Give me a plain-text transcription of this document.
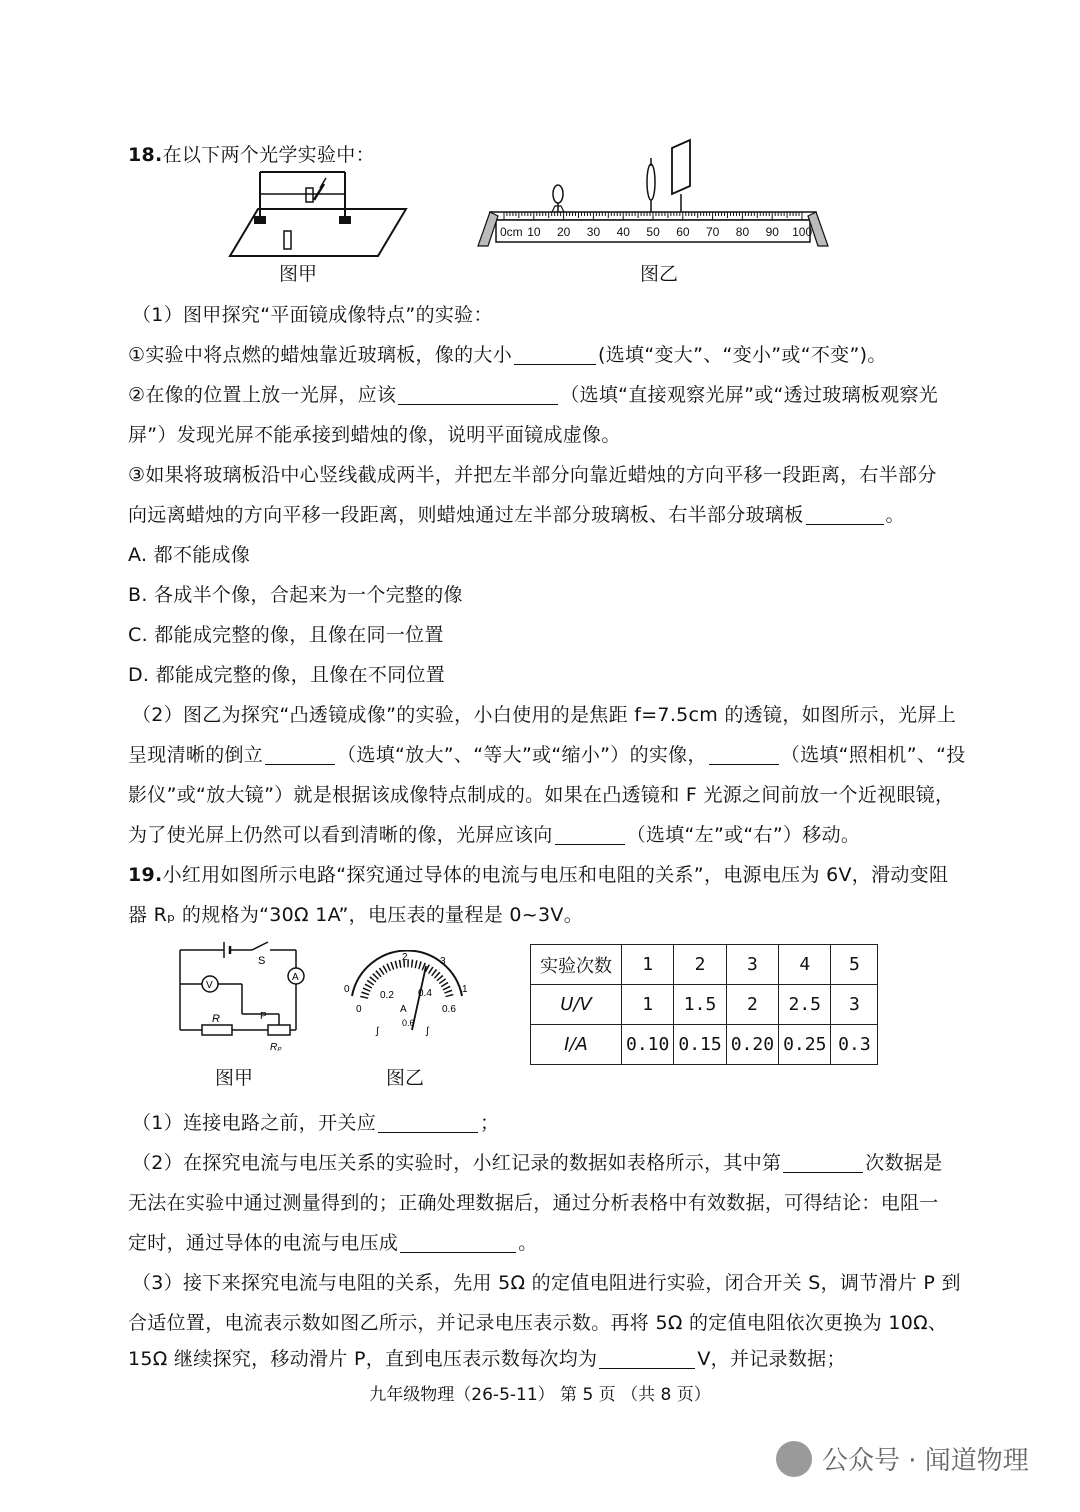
18.在以下两个光学实验中：
图甲
0cm 10 20 30 40 50 60 70 80 90 100
图乙
（1）图甲探究“平面镜成像特点”的实验：
①实验中将点燃的蜡烛靠近玻璃板，像的大小	(选填“变大”、“变小”或“不变”)。
②在像的位置上放一光屏，应该	（选填“直接观察光屏”或“透过玻璃板观察光
屏”）发现光屏不能承接到蜡烛的像，说明平面镜成虚像。
③如果将玻璃板沿中心竖线截成两半，并把左半部分向靠近蜡烛的方向平移一段距离，右半部分
向远离蜡烛的方向平移一段距离，则蜡烛通过左半部分玻璃板、右半部分玻璃板	。
A. 都不能成像
B. 各成半个像，合起来为一个完整的像
C. 都能成完整的像，且像在同一位置
D. 都能成完整的像，且像在不同位置
（2）图乙为探究“凸透镜成像”的实验，小白使用的是焦距 f=7.5cm 的透镜，如图所示，光屏上
呈现清晰的倒立	（选填“放大”、“等大”或“缩小”）的实像，	（选填“照相机”、“投
影仪”或“放大镜”）就是根据该成像特点制成的。如果在凸透镜和 F 光源之间前放一个近视眼镜，
为了使光屏上仍然可以看到清晰的像，光屏应该向	（选填“左”或“右”）移动。
19.小红用如图所示电路“探究通过导体的电流与电压和电阻的关系”，电源电压为 6V，滑动变阻
器 Rₚ 的规格为“30Ω 1A”，电压表的量程是 0~3V。
S
A
R	P
Rₚ
V
图甲
0	1
2	3
0
0.2 0.4
0.6
A
∫
0.6
∫
图乙
实验次数	1	2	3	4	5
U/V	1	1.5	2	2.5	3
I/A	0.10	0.15	0.20	0.25	0.3
（1）连接电路之前，开关应	；
（2）在探究电流与电压关系的实验时，小红记录的数据如表格所示，其中第	次数据是
无法在实验中通过测量得到的；正确处理数据后，通过分析表格中有效数据，可得结论：电阻一
定时，通过导体的电流与电压成	。
（3）接下来探究电流与电阻的关系，先用 5Ω 的定值电阻进行实验，闭合开关 S，调节滑片 P 到
合适位置，电流表示数如图乙所示，并记录电压表示数。再将 5Ω 的定值电阻依次更换为 10Ω、
九年级物理（26-5-11） 第 5 页 （共 8 页）
公众号 · 闻道物理
15Ω 继续探究，移动滑片 P，直到电压表示数每次均为	V，并记录数据；
